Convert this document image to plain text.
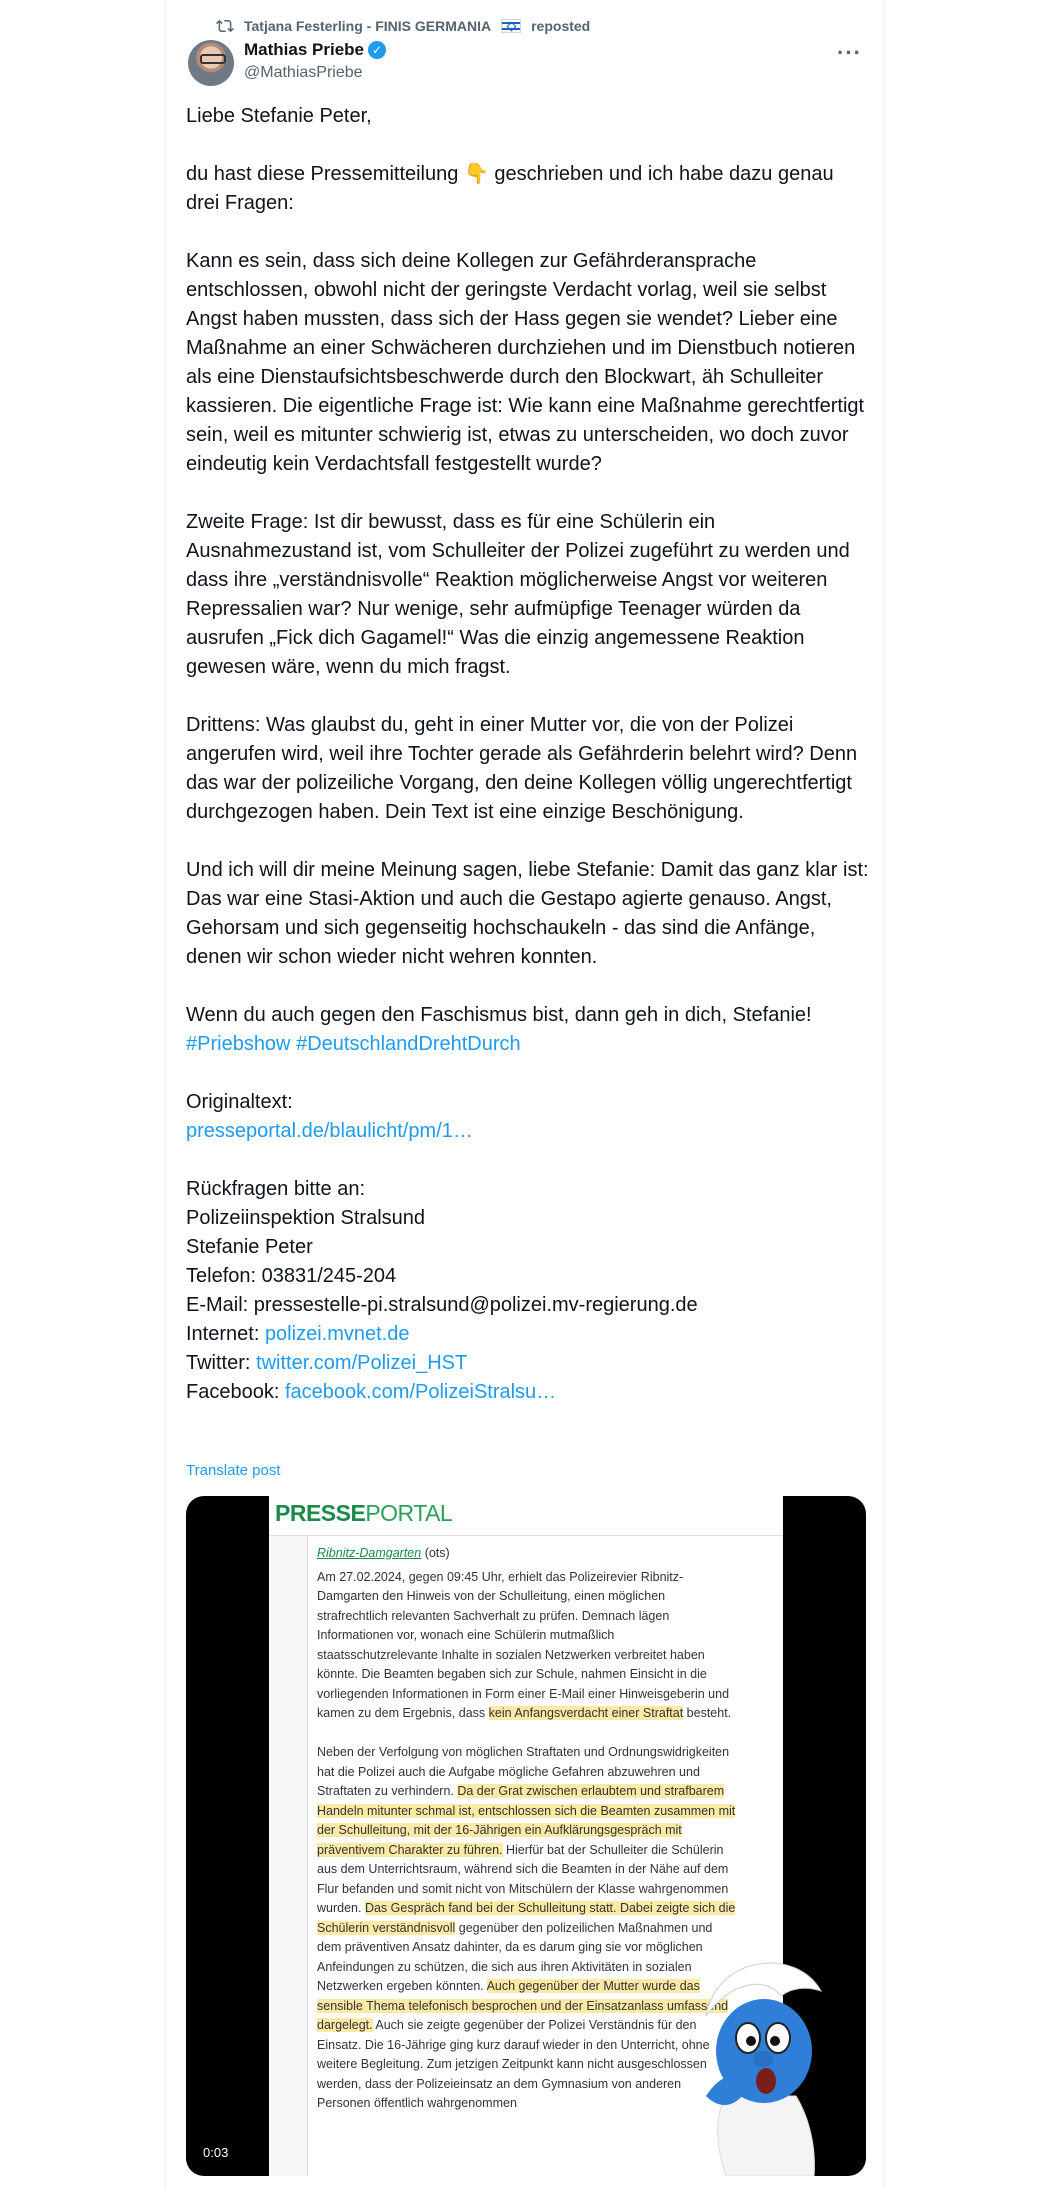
Tatjana Festerling - FINIS GERMANIA	reposted
Mathias Priebe ✓
@MathiasPriebe
···
Liebe Stefanie Peter,
du hast diese Pressemitteilung 👇 geschrieben und ich habe dazu genau drei Fragen:
Kann es sein, dass sich deine Kollegen zur Gefährderansprache entschlossen, obwohl nicht der geringste Verdacht vorlag, weil sie selbst Angst haben mussten, dass sich der Hass gegen sie wendet? Lieber eine Maßnahme an einer Schwächeren durchziehen und im Dienstbuch notieren als eine Dienstaufsichtsbeschwerde durch den Blockwart, äh Schulleiter kassieren. Die eigentliche Frage ist: Wie kann eine Maßnahme gerechtfertigt sein, weil es mitunter schwierig ist, etwas zu unterscheiden, wo doch zuvor eindeutig kein Verdachtsfall festgestellt wurde?
Zweite Frage: Ist dir bewusst, dass es für eine Schülerin ein Ausnahmezustand ist, vom Schulleiter der Polizei zugeführt zu werden und dass ihre „verständnisvolle“ Reaktion möglicherweise Angst vor weiteren Repressalien war? Nur wenige, sehr aufmüpfige Teenager würden da ausrufen „Fick dich Gagamel!“ Was die einzig angemessene Reaktion gewesen wäre, wenn du mich fragst.
Drittens: Was glaubst du, geht in einer Mutter vor, die von der Polizei angerufen wird, weil ihre Tochter gerade als Gefährderin belehrt wird? Denn das war der polizeiliche Vorgang, den deine Kollegen völlig ungerechtfertigt durchgezogen haben. Dein Text ist eine einzige Beschönigung.
Und ich will dir meine Meinung sagen, liebe Stefanie: Damit das ganz klar ist: Das war eine Stasi-Aktion und auch die Gestapo agierte genauso. Angst, Gehorsam und sich gegenseitig hochschaukeln - das sind die Anfänge, denen wir schon wieder nicht wehren konnten.
Wenn du auch gegen den Faschismus bist, dann geh in dich, Stefanie!
#Priebshow #DeutschlandDrehtDurch
Originaltext:
presseportal.de/blaulicht/pm/1…
Rückfragen bitte an:
Polizeiinspektion Stralsund
Stefanie Peter
Telefon: 03831/245-204
E-Mail: pressestelle-pi.stralsund@polizei.mv-regierung.de
Internet: polizei.mvnet.de
Twitter: twitter.com/Polizei_HST
Facebook: facebook.com/PolizeiStralsu…
Translate post
PRESSEPORTAL
Ribnitz-Damgarten (ots)
Am 27.02.2024, gegen 09:45 Uhr, erhielt das Polizeirevier Ribnitz-Damgarten den Hinweis von der Schulleitung, einen möglichen strafrechtlich relevanten Sachverhalt zu prüfen. Demnach lägen Informationen vor, wonach eine Schülerin mutmaßlich staatsschutzrelevante Inhalte in sozialen Netzwerken verbreitet haben könnte. Die Beamten begaben sich zur Schule, nahmen Einsicht in die vorliegenden Informationen in Form einer E-Mail einer Hinweisgeberin und kamen zu dem Ergebnis, dass kein Anfangsverdacht einer Straftat besteht.
Neben der Verfolgung von möglichen Straftaten und Ordnungswidrigkeiten hat die Polizei auch die Aufgabe mögliche Gefahren abzuwehren und Straftaten zu verhindern. Da der Grat zwischen erlaubtem und strafbarem Handeln mitunter schmal ist, entschlossen sich die Beamten zusammen mit der Schulleitung, mit der 16-Jährigen ein Aufklärungsgespräch mit präventivem Charakter zu führen. Hierfür bat der Schulleiter die Schülerin aus dem Unterrichtsraum, während sich die Beamten in der Nähe auf dem Flur befanden und somit nicht von Mitschülern der Klasse wahrgenommen wurden. Das Gespräch fand bei der Schulleitung statt. Dabei zeigte sich die Schülerin verständnisvoll gegenüber den polizeilichen Maßnahmen und dem präventiven Ansatz dahinter, da es darum ging sie vor möglichen Anfeindungen zu schützen, die sich aus ihren Aktivitäten in sozialen Netzwerken ergeben könnten. Auch gegenüber der Mutter wurde das sensible Thema telefonisch besprochen und der Einsatzanlass umfassend dargelegt. Auch sie zeigte gegenüber der Polizei Verständnis für den Einsatz. Die 16-Jährige ging kurz darauf wieder in den Unterricht, ohne weitere Begleitung. Zum jetzigen Zeitpunkt kann nicht ausgeschlossen werden, dass der Polizeieinsatz an dem Gymnasium von anderen Personen öffentlich wahrgenommen
0:03
